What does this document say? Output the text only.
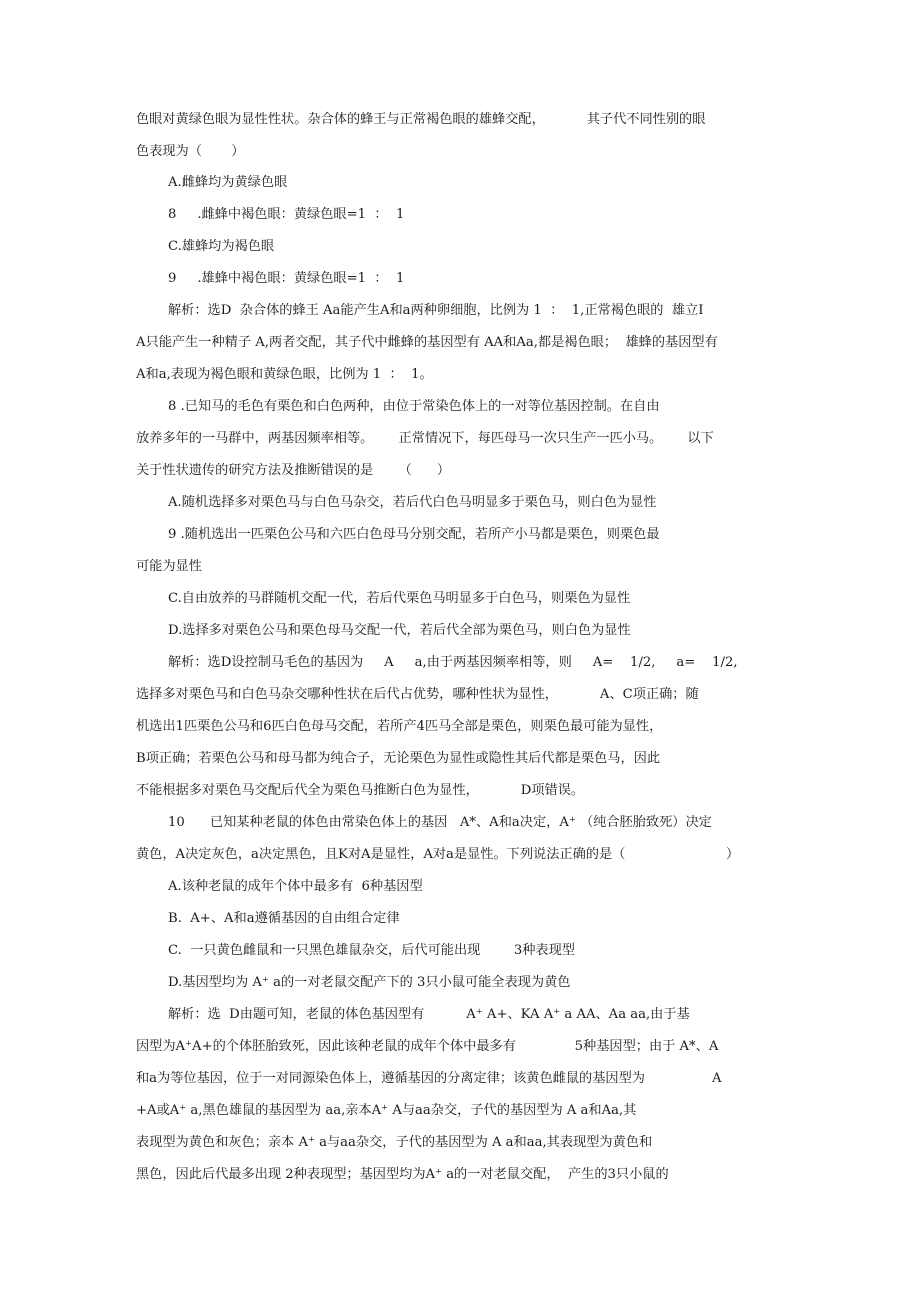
色眼对黄绿色眼为显性性状。杂合体的蜂王与正常褐色眼的雄蜂交配，          其子代不同性别的眼
色表现为（       ）
A.雌蜂均为黄绿色眼
8     .雌蜂中褐色眼：黄绿色眼=1  ：  1
C.雄蜂均为褐色眼
9     .雄蜂中褐色眼：黄绿色眼=1  ：  1
解析：选D  杂合体的蜂王 Aa能产生A和a两种卵细胞，比例为 1  ：  1,正常褐色眼的  雄立I
A只能产生一种精子 A,两者交配，其子代中雌蜂的基因型有 AA和Aa,都是褐色眼；  雄蜂的基因型有
A和a,表现为褐色眼和黄绿色眼，比例为 1  ：  1。
8 .已知马的毛色有栗色和白色两种，由位于常染色体上的一对等位基因控制。在自由
放养多年的一马群中，两基因频率相等。      正常情况下，每匹母马一次只生产一匹小马。      以下
关于性状遗传的研究方法及推断错误的是      （      ）
A.随机选择多对栗色马与白色马杂交，若后代白色马明显多于栗色马，则白色为显性
9 .随机选出一匹栗色公马和六匹白色母马分别交配，若所产小马都是栗色，则栗色最
可能为显性
C.自由放养的马群随机交配一代，若后代栗色马明显多于白色马，则栗色为显性
D.选择多对栗色公马和栗色母马交配一代，若后代全部为栗色马，则白色为显性
解析：选D设控制马毛色的基因为     A     a,由于两基因频率相等，则     A=    1/2,     a=    1/2,
选择多对栗色马和白色马杂交哪种性状在后代占优势，哪种性状为显性，          A、C项正确；随
机选出1匹栗色公马和6匹白色母马交配，若所产4匹马全部是栗色，则栗色最可能为显性，
B项正确；若栗色公马和母马都为纯合子，无论栗色为显性或隐性其后代都是栗色马，因此
不能根据多对栗色马交配后代全为栗色马推断白色为显性，          D项错误。
10      已知某种老鼠的体色由常染色体上的基因   A*、A和a决定，A⁺ （纯合胚胎致死）决定
黄色，A决定灰色，a决定黑色，且K对A是显性，A对a是显性。下列说法正确的是（                        ）
A.该种老鼠的成年个体中最多有  6种基因型
B.  A+、A和a遵循基因的自由组合定律
C.  一只黄色雌鼠和一只黑色雄鼠杂交，后代可能出现        3种表现型
D.基因型均为 A⁺ a的一对老鼠交配产下的 3只小鼠可能全表现为黄色
解析：选  D由题可知，老鼠的体色基因型有          A⁺ A+、KA A⁺ a AA、Aa aa,由于基
因型为A⁺A+的个体胚胎致死，因此该种老鼠的成年个体中最多有              5种基因型；由于 A*、A
和a为等位基因，位于一对同源染色体上，遵循基因的分离定律；该黄色雌鼠的基因型为                A
+A或A⁺ a,黑色雄鼠的基因型为 aa,亲本A⁺ A与aa杂交，子代的基因型为 A a和Aa,其
表现型为黄色和灰色；亲本 A⁺ a与aa杂交，子代的基因型为 A a和aa,其表现型为黄色和
黑色，因此后代最多出现 2种表现型；基因型均为A⁺ a的一对老鼠交配，  产生的3只小鼠的
